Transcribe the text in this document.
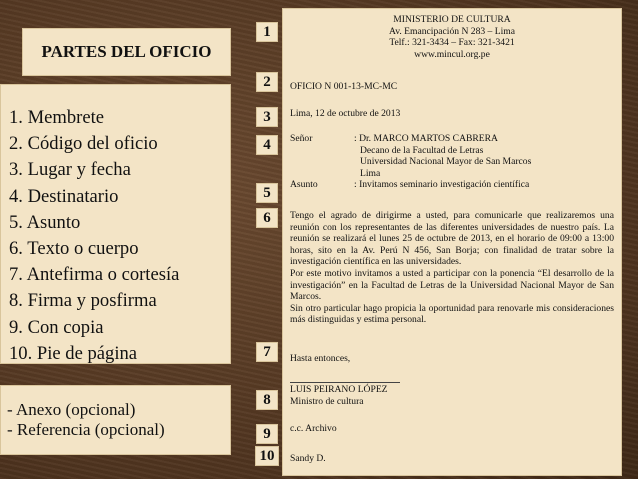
PARTES DEL OFICIO
1. Membrete
2. Código del oficio
3. Lugar y fecha
4. Destinatario
5. Asunto
6. Texto o cuerpo
7. Antefirma o cortesía
8. Firma y posfirma
9. Con copia
10. Pie de página
- Anexo (opcional)
- Referencia (opcional)
1
2
3
4
5
6
7
8
9
10
MINISTERIO DE CULTURA
Av. Emancipación N 283 – Lima
Telf.: 321-3434 – Fax: 321-3421
www.mincul.org.pe
OFICIO N 001-13-MC-MC
Lima, 12 de octubre de 2013
Señor	: Dr. MARCO MARTOS CABRERA
Decano de la Facultad de Letras
Universidad Nacional Mayor de San Marcos
Lima
Asunto	: Invitamos seminario investigación científica
Tengo el agrado de dirigirme a usted, para comunicarle que realizaremos una reunión con los representantes de las diferentes universidades de nuestro país. La reunión se realizará el lunes 25 de octubre de 2013, en el horario de 09:00 a 13:00 horas, sito en la Av. Perú N 456, San Borja; con finalidad de tratar sobre la investigación científica en las universidades.
Por este motivo invitamos a usted a participar con la ponencia “El desarrollo de la investigación” en la Facultad de Letras de la Universidad Nacional Mayor de San Marcos.
Sin otro particular hago propicia la oportunidad para renovarle mis consideraciones más distinguidas y estima personal.
Hasta entonces,
LUIS PEIRANO LÓPEZ
Ministro de cultura
c.c. Archivo
Sandy D.
